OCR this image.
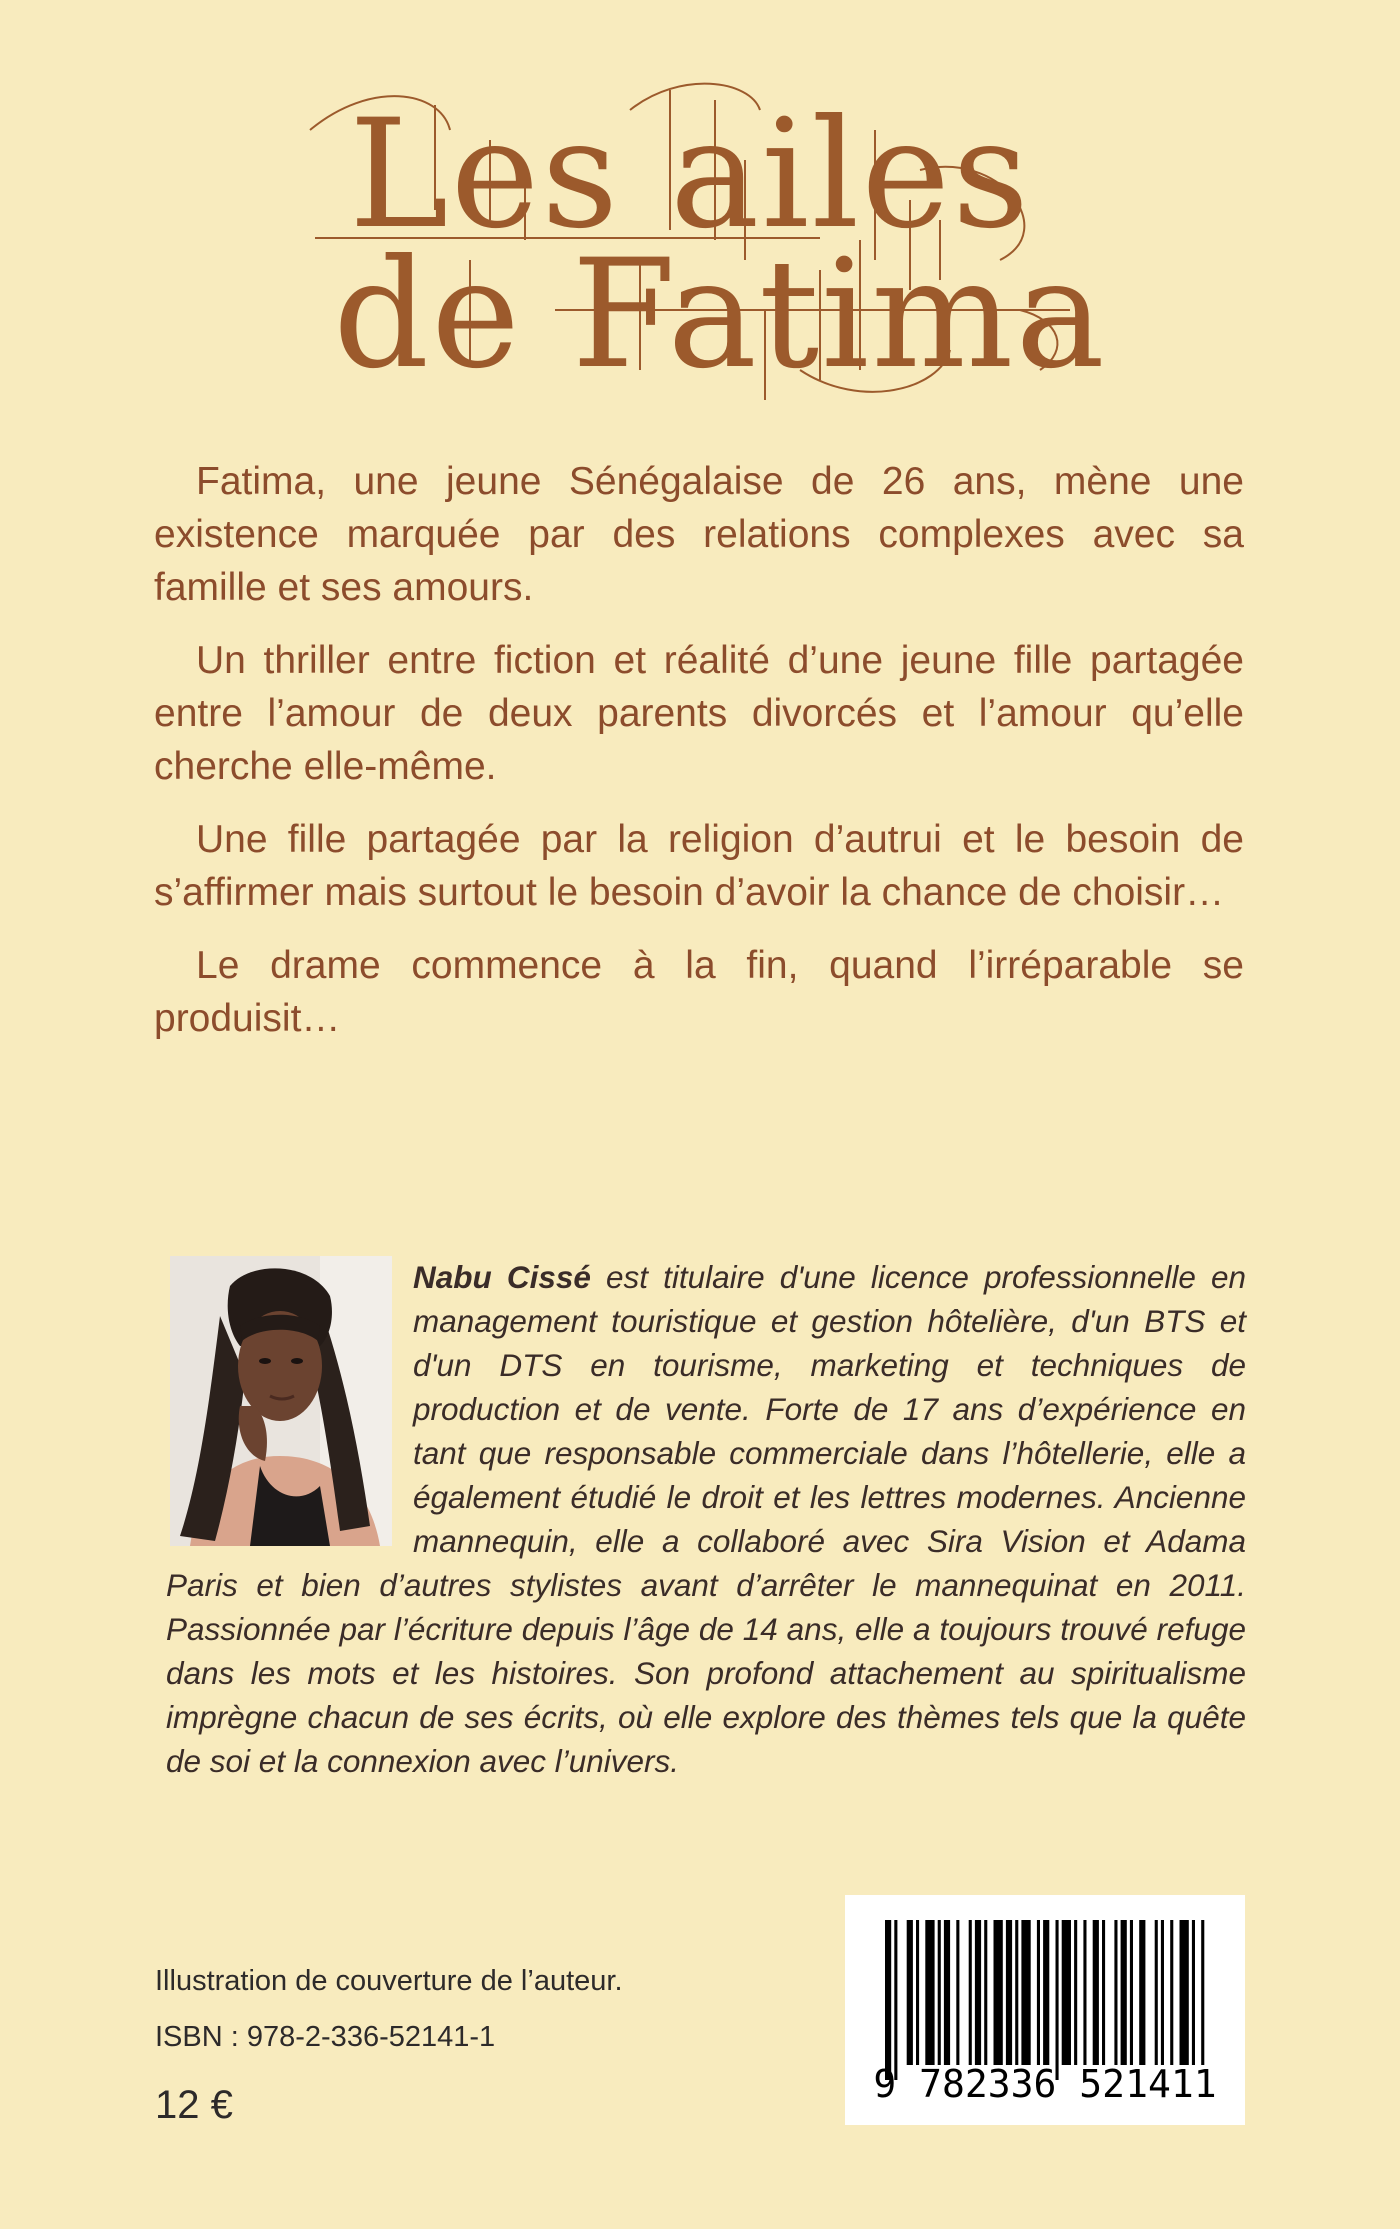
Les ailes
de Fatima

Fatima, une jeune Sénégalaise de 26 ans, mène une existence marquée par des relations complexes avec sa famille et ses amours.

Un thriller entre fiction et réalité d’une jeune fille partagée entre l’amour de deux parents divorcés et l’amour qu’elle cherche elle-même.

Une fille partagée par la religion d’autrui et le besoin de s’affirmer mais surtout le besoin d’avoir la chance de choisir…

Le drame commence à la fin, quand l’irréparable se produisit…

Nabu Cissé est titulaire d'une licence professionnelle en management touristique et gestion hôtelière, d'un BTS et d'un DTS en tourisme, marketing et techniques de production et de vente. Forte de 17 ans d’expérience en tant que responsable commerciale dans l’hôtellerie, elle a également étudié le droit et les lettres modernes. Ancienne mannequin, elle a collaboré avec Sira Vision et Adama Paris et bien d’autres stylistes avant d’arrêter le mannequinat en 2011. Passionnée par l’écriture depuis l’âge de 14 ans, elle a toujours trouvé refuge dans les mots et les histoires. Son profond attachement au spiritualisme imprègne chacun de ses écrits, où elle explore des thèmes tels que la quête de soi et la connexion avec l’univers.

Illustration de couverture de l’auteur.
ISBN : 978-2-336-52141-1
12 €	9 782336 521411
